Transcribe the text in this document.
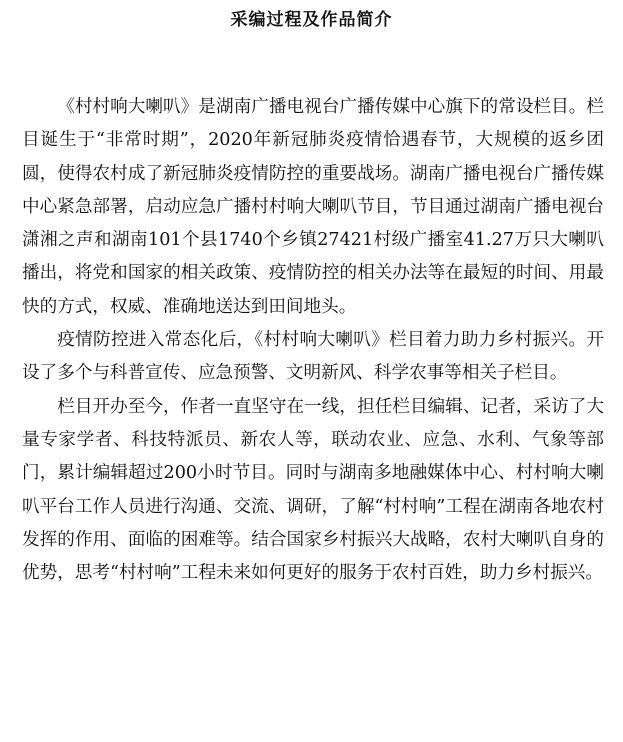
采编过程及作品简介

《村村响大喇叭》是湖南广播电视台广播传媒中心旗下的常设栏目。栏目诞生于“非常时期”，2020年新冠肺炎疫情恰遇春节，大规模的返乡团圆，使得农村成了新冠肺炎疫情防控的重要战场。湖南广播电视台广播传媒中心紧急部署，启动应急广播村村响大喇叭节目，节目通过湖南广播电视台潇湘之声和湖南101个县1740个乡镇27421村级广播室41.27万只大喇叭播出，将党和国家的相关政策、疫情防控的相关办法等在最短的时间、用最快的方式，权威、准确地送达到田间地头。

疫情防控进入常态化后，《村村响大喇叭》栏目着力助力乡村振兴。开设了多个与科普宣传、应急预警、文明新风、科学农事等相关子栏目。

栏目开办至今，作者一直坚守在一线，担任栏目编辑、记者，采访了大量专家学者、科技特派员、新农人等，联动农业、应急、水利、气象等部门，累计编辑超过200小时节目。同时与湖南多地融媒体中心、村村响大喇叭平台工作人员进行沟通、交流、调研，了解“村村响”工程在湖南各地农村发挥的作用、面临的困难等。结合国家乡村振兴大战略，农村大喇叭自身的优势，思考“村村响”工程未来如何更好的服务于农村百姓，助力乡村振兴。
